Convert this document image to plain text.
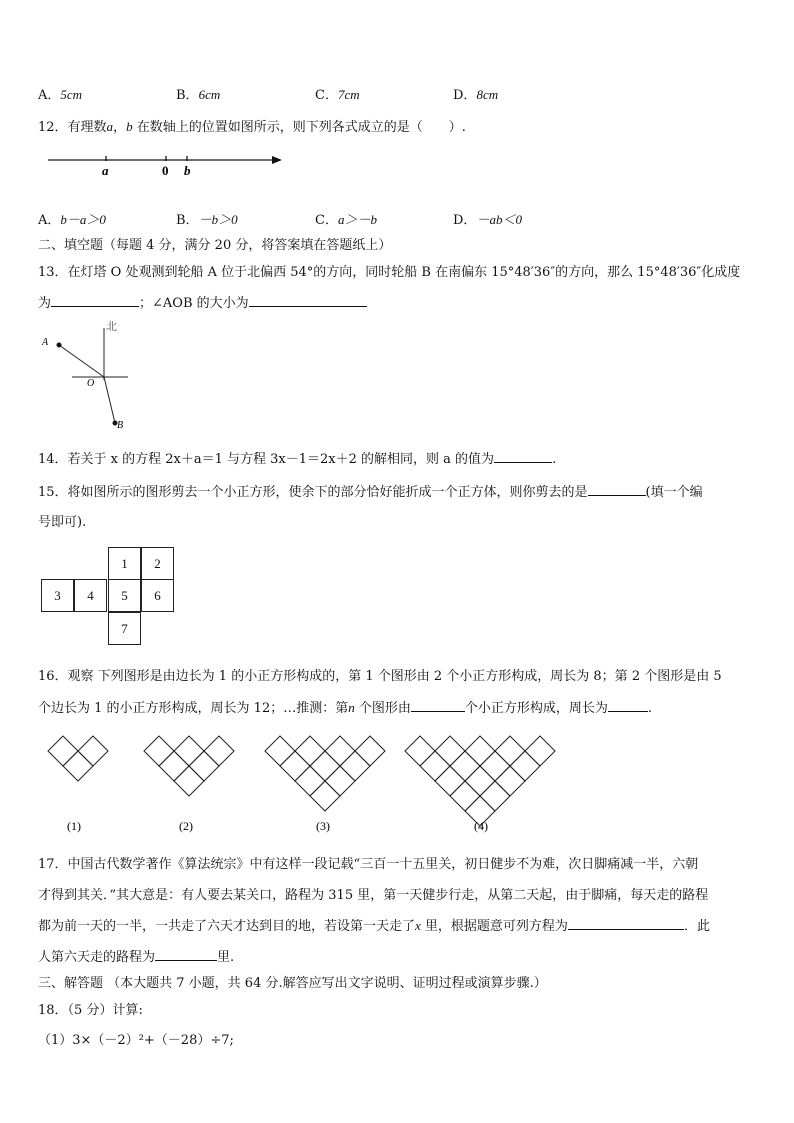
A．5cm	B．6cm	C．7cm	D．8cm
12．有理数a，b 在数轴上的位置如图所示，则下列各式成立的是（　　）.
a	0 b
A．b－a＞0	B．－b＞0	C．a＞－b	D．－ab＜0
二、填空题（每题 4 分，满分 20 分，将答案填在答题纸上）
13．在灯塔 O 处观测到轮船 A 位于北偏西 54°的方向，同时轮船 B 在南偏东 15°48′36″的方向，那么 15°48′36″化成度
为	；∠AOB 的大小为
北
A
O
B
14．若关于 x 的方程 2x＋a＝1 与方程 3x－1＝2x＋2 的解相同，则 a 的值为	.
15．将如图所示的图形剪去一个小正方形，使余下的部分恰好能折成一个正方体，则你剪去的是	(填一个编
号即可).
1	2
3	4	5	6
7
16．观察 下列图形是由边长为 1 的小正方形构成的，第 1 个图形由 2 个小正方形构成，周长为 8；第 2 个图形是由 5
个边长为 1 的小正方形构成，周长为 12；…推测：第n 个图形由	个小正方形构成，周长为	.
(1)	(2)	(3)	(4)
17．中国古代数学著作《算法统宗》中有这样一段记载“三百一十五里关，初日健步不为难，次日脚痛减一半，六朝
才得到其关．”其大意是：有人要去某关口，路程为 315 里，第一天健步行走，从第二天起，由于脚痛，每天走的路程
都为前一天的一半，一共走了六天才达到目的地，若设第一天走了x 里，根据题意可列方程为	．此
人第六天走的路程为	里.
三、解答题 （本大题共 7 小题，共 64 分.解答应写出文字说明、证明过程或演算步骤.）
18．（5 分）计算:
（1）3×（－2）²+（－28）÷7;
